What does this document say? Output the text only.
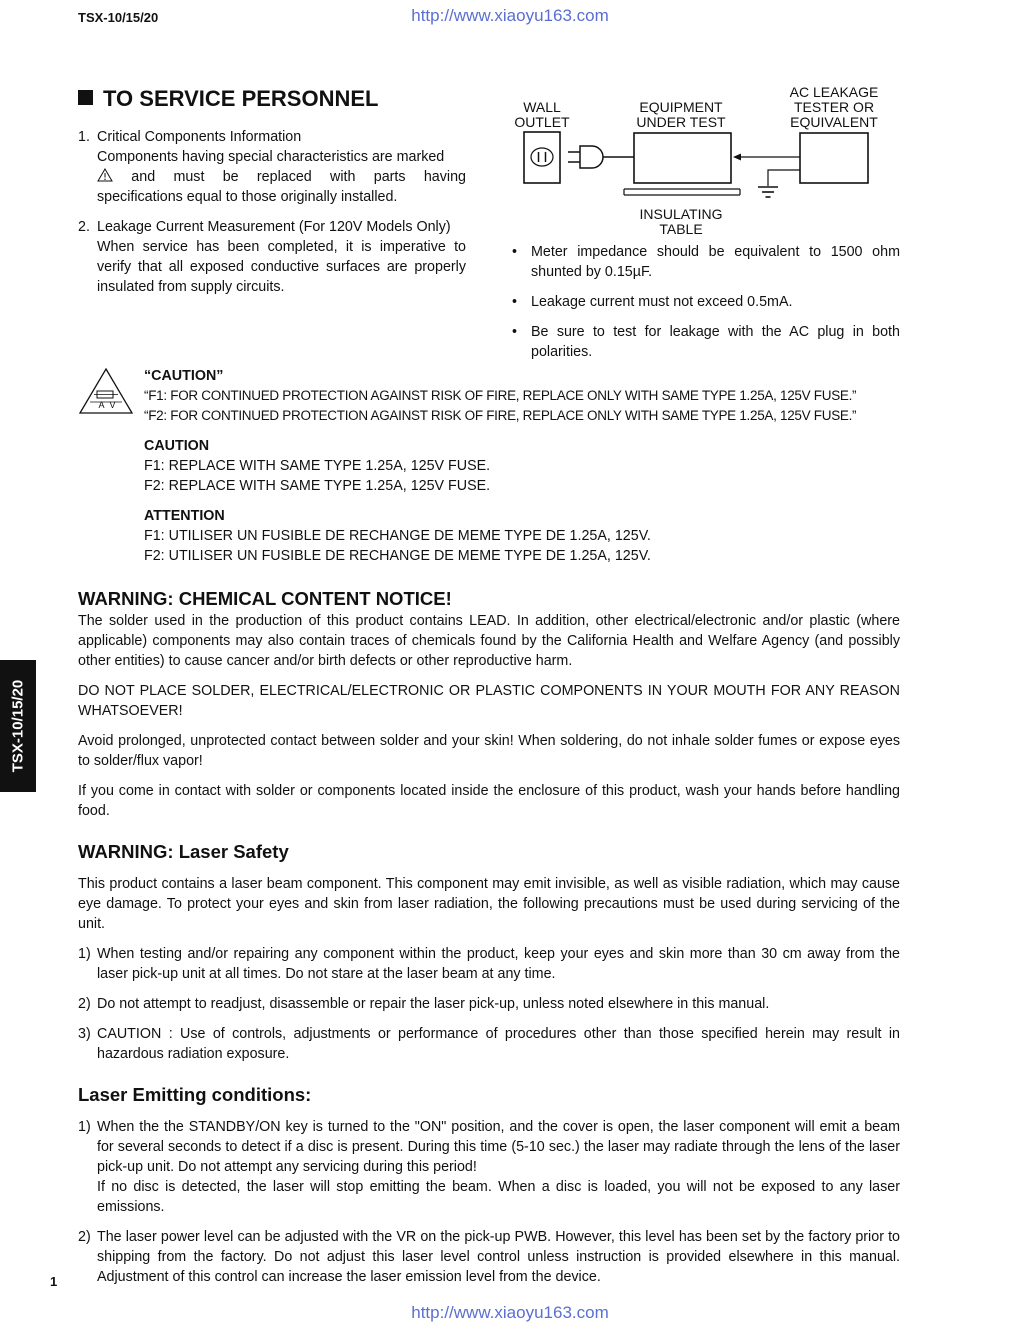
TSX-10/15/20	http://www.xiaoyu163.com
TSX-10/15/20
TO SERVICE PERSONNEL
1. Critical Components Information
Components having special characteristics are marked
and must be replaced with parts having
specifications equal to those originally installed.
2. Leakage Current Measurement (For 120V Models Only)
When service has been completed, it is imperative to verify that all exposed conductive surfaces are properly insulated from supply circuits.
WALL
OUTLET
EQUIPMENT
UNDER TEST
AC LEAKAGE
TESTER OR
EQUIVALENT
INSULATING
TABLE
• Meter impedance should be equivalent to 1500 ohm shunted by 0.15µF.
• Leakage current must not exceed 0.5mA.
• Be sure to test for leakage with the AC plug in both polarities.
A V
“CAUTION”
“F1: FOR CONTINUED PROTECTION AGAINST RISK OF FIRE, REPLACE ONLY WITH SAME TYPE 1.25A, 125V FUSE.”
“F2: FOR CONTINUED PROTECTION AGAINST RISK OF FIRE, REPLACE ONLY WITH SAME TYPE 1.25A, 125V FUSE.”
CAUTION
F1: REPLACE WITH SAME TYPE 1.25A, 125V FUSE.
F2: REPLACE WITH SAME TYPE 1.25A, 125V FUSE.
ATTENTION
F1: UTILISER UN FUSIBLE DE RECHANGE DE MEME TYPE DE 1.25A, 125V.
F2: UTILISER UN FUSIBLE DE RECHANGE DE MEME TYPE DE 1.25A, 125V.
WARNING: CHEMICAL CONTENT NOTICE!
The solder used in the production of this product contains LEAD. In addition, other electrical/electronic and/or plastic (where applicable) components may also contain traces of chemicals found by the California Health and Welfare Agency (and possibly other entities) to cause cancer and/or birth defects or other reproductive harm.
DO NOT PLACE SOLDER, ELECTRICAL/ELECTRONIC OR PLASTIC COMPONENTS IN YOUR MOUTH FOR ANY REASON WHATSOEVER!
Avoid prolonged, unprotected contact between solder and your skin! When soldering, do not inhale solder fumes or expose eyes to solder/flux vapor!
If you come in contact with solder or components located inside the enclosure of this product, wash your hands before handling food.
WARNING: Laser Safety
This product contains a laser beam component. This component may emit invisible, as well as visible radiation, which may cause eye damage. To protect your eyes and skin from laser radiation, the following precautions must be used during servicing of the unit.
1) When testing and/or repairing any component within the product, keep your eyes and skin more than 30 cm away from the laser pick-up unit at all times. Do not stare at the laser beam at any time.
2) Do not attempt to readjust, disassemble or repair the laser pick-up, unless noted elsewhere in this manual.
3) CAUTION : Use of controls, adjustments or performance of procedures other than those specified herein may result in hazardous radiation exposure.
Laser Emitting conditions:
1) When the the STANDBY/ON key is turned to the "ON" position, and the cover is open, the laser component will emit a beam for several seconds to detect if a disc is present. During this time (5-10 sec.) the laser may radiate through the lens of the laser pick-up unit. Do not attempt any servicing during this period!
If no disc is detected, the laser will stop emitting the beam. When a disc is loaded, you will not be exposed to any laser emissions.
2) The laser power level can be adjusted with the VR on the pick-up PWB. However, this level has been set by the factory prior to shipping from the factory. Do not adjust this laser level control unless instruction is provided elsewhere in this manual. Adjustment of this control can increase the laser emission level from the device.
1
http://www.xiaoyu163.com
